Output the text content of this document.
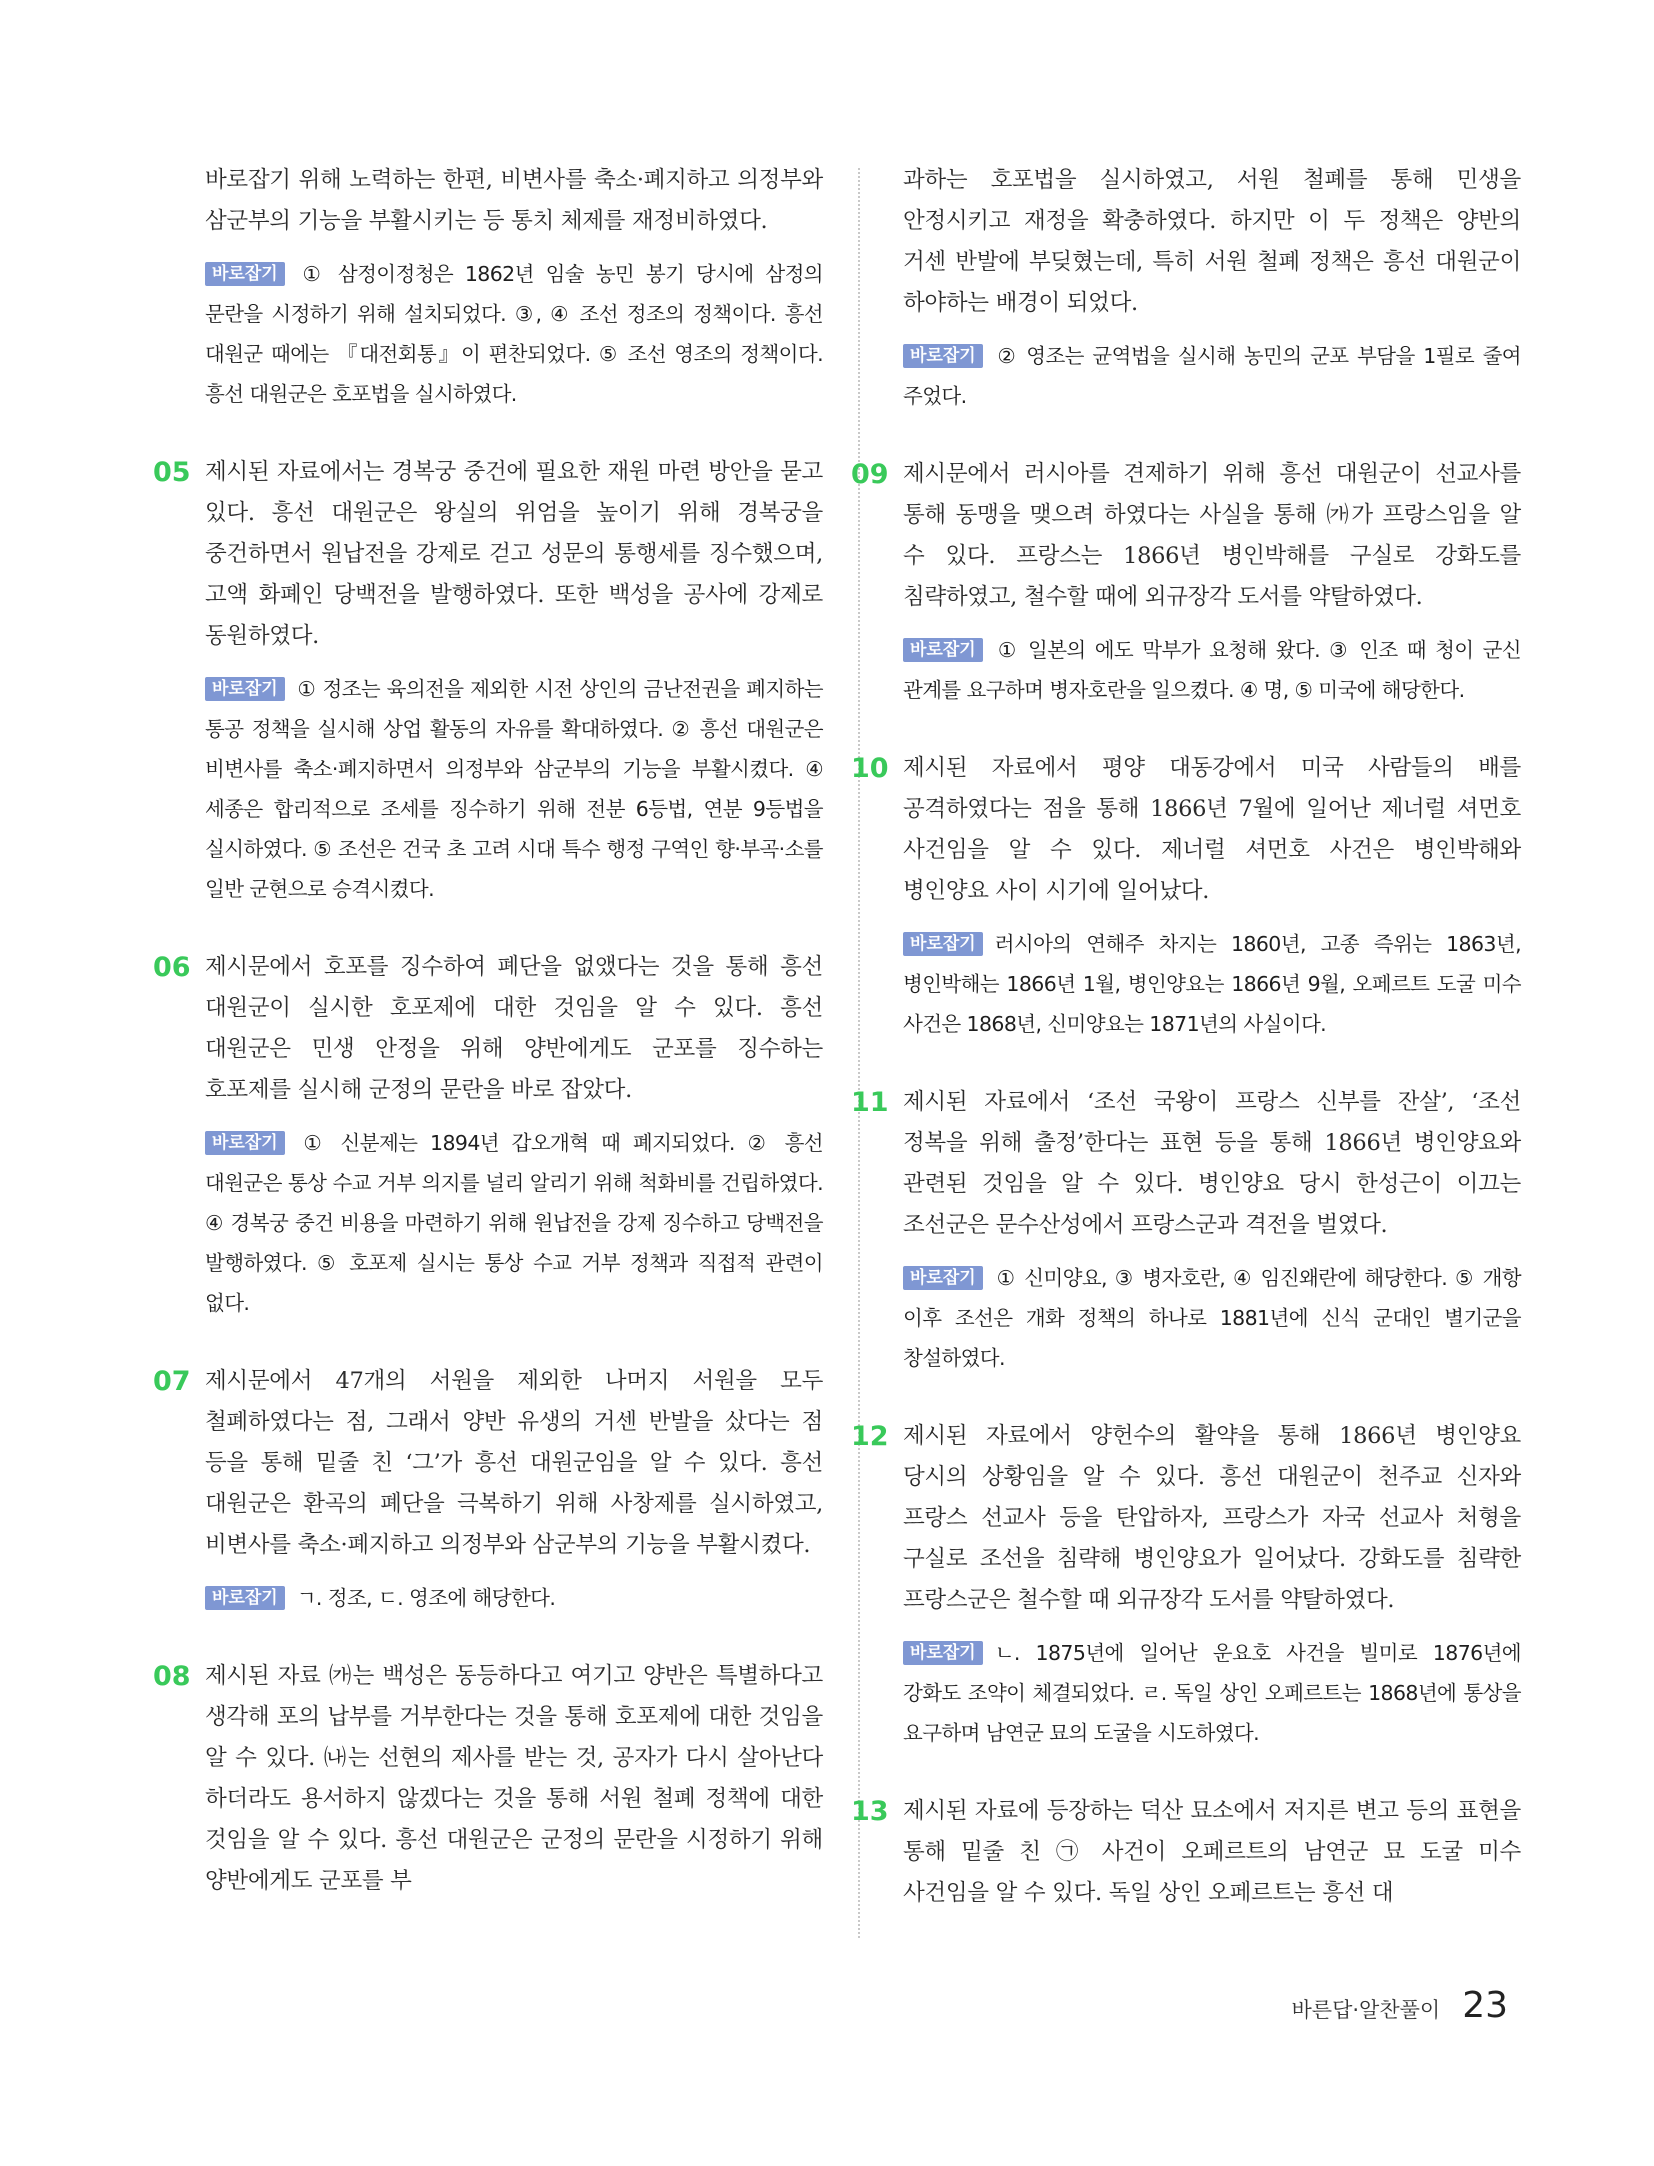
바로잡기 위해 노력하는 한편, 비변사를 축소·폐지하고 의정부와 삼군부의 기능을 부활시키는 등 통치 체제를 재정비하였다.

바로잡기 ① 삼정이정청은 1862년 임술 농민 봉기 당시에 삼정의 문란을 시정하기 위해 설치되었다. ③, ④ 조선 정조의 정책이다. 흥선 대원군 때에는 『대전회통』이 편찬되었다. ⑤ 조선 영조의 정책이다. 흥선 대원군은 호포법을 실시하였다.
05 제시된 자료에서는 경복궁 중건에 필요한 재원 마련 방안을 묻고 있다. 흥선 대원군은 왕실의 위엄을 높이기 위해 경복궁을 중건하면서 원납전을 강제로 걷고 성문의 통행세를 징수했으며, 고액 화폐인 당백전을 발행하였다. 또한 백성을 공사에 강제로 동원하였다.

바로잡기 ① 정조는 육의전을 제외한 시전 상인의 금난전권을 폐지하는 통공 정책을 실시해 상업 활동의 자유를 확대하였다. ② 흥선 대원군은 비변사를 축소·폐지하면서 의정부와 삼군부의 기능을 부활시켰다. ④ 세종은 합리적으로 조세를 징수하기 위해 전분 6등법, 연분 9등법을 실시하였다. ⑤ 조선은 건국 초 고려 시대 특수 행정 구역인 향·부곡·소를 일반 군현으로 승격시켰다.
06 제시문에서 호포를 징수하여 폐단을 없앴다는 것을 통해 흥선 대원군이 실시한 호포제에 대한 것임을 알 수 있다. 흥선 대원군은 민생 안정을 위해 양반에게도 군포를 징수하는 호포제를 실시해 군정의 문란을 바로 잡았다.

바로잡기 ① 신분제는 1894년 갑오개혁 때 폐지되었다. ② 흥선 대원군은 통상 수교 거부 의지를 널리 알리기 위해 척화비를 건립하였다. ④ 경복궁 중건 비용을 마련하기 위해 원납전을 강제 징수하고 당백전을 발행하였다. ⑤ 호포제 실시는 통상 수교 거부 정책과 직접적 관련이 없다.
07 제시문에서 47개의 서원을 제외한 나머지 서원을 모두 철폐하였다는 점, 그래서 양반 유생의 거센 반발을 샀다는 점 등을 통해 밑줄 친 ‘그’가 흥선 대원군임을 알 수 있다. 흥선 대원군은 환곡의 폐단을 극복하기 위해 사창제를 실시하였고, 비변사를 축소·폐지하고 의정부와 삼군부의 기능을 부활시켰다.

바로잡기 ㄱ. 정조, ㄷ. 영조에 해당한다.
08 제시된 자료 ㈎는 백성은 동등하다고 여기고 양반은 특별하다고 생각해 포의 납부를 거부한다는 것을 통해 호포제에 대한 것임을 알 수 있다. ㈏는 선현의 제사를 받는 것, 공자가 다시 살아난다 하더라도 용서하지 않겠다는 것을 통해 서원 철폐 정책에 대한 것임을 알 수 있다. 흥선 대원군은 군정의 문란을 시정하기 위해 양반에게도 군포를 부

과하는 호포법을 실시하였고, 서원 철폐를 통해 민생을 안정시키고 재정을 확충하였다. 하지만 이 두 정책은 양반의 거센 반발에 부딪혔는데, 특히 서원 철폐 정책은 흥선 대원군이 하야하는 배경이 되었다.

바로잡기 ② 영조는 균역법을 실시해 농민의 군포 부담을 1필로 줄여 주었다.
09 제시문에서 러시아를 견제하기 위해 흥선 대원군이 선교사를 통해 동맹을 맺으려 하였다는 사실을 통해 ㈎가 프랑스임을 알 수 있다. 프랑스는 1866년 병인박해를 구실로 강화도를 침략하였고, 철수할 때에 외규장각 도서를 약탈하였다.

바로잡기 ① 일본의 에도 막부가 요청해 왔다. ③ 인조 때 청이 군신 관계를 요구하며 병자호란을 일으켰다. ④ 명, ⑤ 미국에 해당한다.
10 제시된 자료에서 평양 대동강에서 미국 사람들의 배를 공격하였다는 점을 통해 1866년 7월에 일어난 제너럴 셔먼호 사건임을 알 수 있다. 제너럴 셔먼호 사건은 병인박해와 병인양요 사이 시기에 일어났다.

바로잡기 러시아의 연해주 차지는 1860년, 고종 즉위는 1863년, 병인박해는 1866년 1월, 병인양요는 1866년 9월, 오페르트 도굴 미수 사건은 1868년, 신미양요는 1871년의 사실이다.
11 제시된 자료에서 ‘조선 국왕이 프랑스 신부를 잔살’, ‘조선 정복을 위해 출정’한다는 표현 등을 통해 1866년 병인양요와 관련된 것임을 알 수 있다. 병인양요 당시 한성근이 이끄는 조선군은 문수산성에서 프랑스군과 격전을 벌였다.

바로잡기 ① 신미양요, ③ 병자호란, ④ 임진왜란에 해당한다. ⑤ 개항 이후 조선은 개화 정책의 하나로 1881년에 신식 군대인 별기군을 창설하였다.
12 제시된 자료에서 양헌수의 활약을 통해 1866년 병인양요 당시의 상황임을 알 수 있다. 흥선 대원군이 천주교 신자와 프랑스 선교사 등을 탄압하자, 프랑스가 자국 선교사 처형을 구실로 조선을 침략해 병인양요가 일어났다. 강화도를 침략한 프랑스군은 철수할 때 외규장각 도서를 약탈하였다.

바로잡기 ㄴ. 1875년에 일어난 운요호 사건을 빌미로 1876년에 강화도 조약이 체결되었다. ㄹ. 독일 상인 오페르트는 1868년에 통상을 요구하며 남연군 묘의 도굴을 시도하였다.
13 제시된 자료에 등장하는 덕산 묘소에서 저지른 변고 등의 표현을 통해 밑줄 친 ㉠ 사건이 오페르트의 남연군 묘 도굴 미수 사건임을 알 수 있다. 독일 상인 오페르트는 흥선 대

바른답·알찬풀이 23
